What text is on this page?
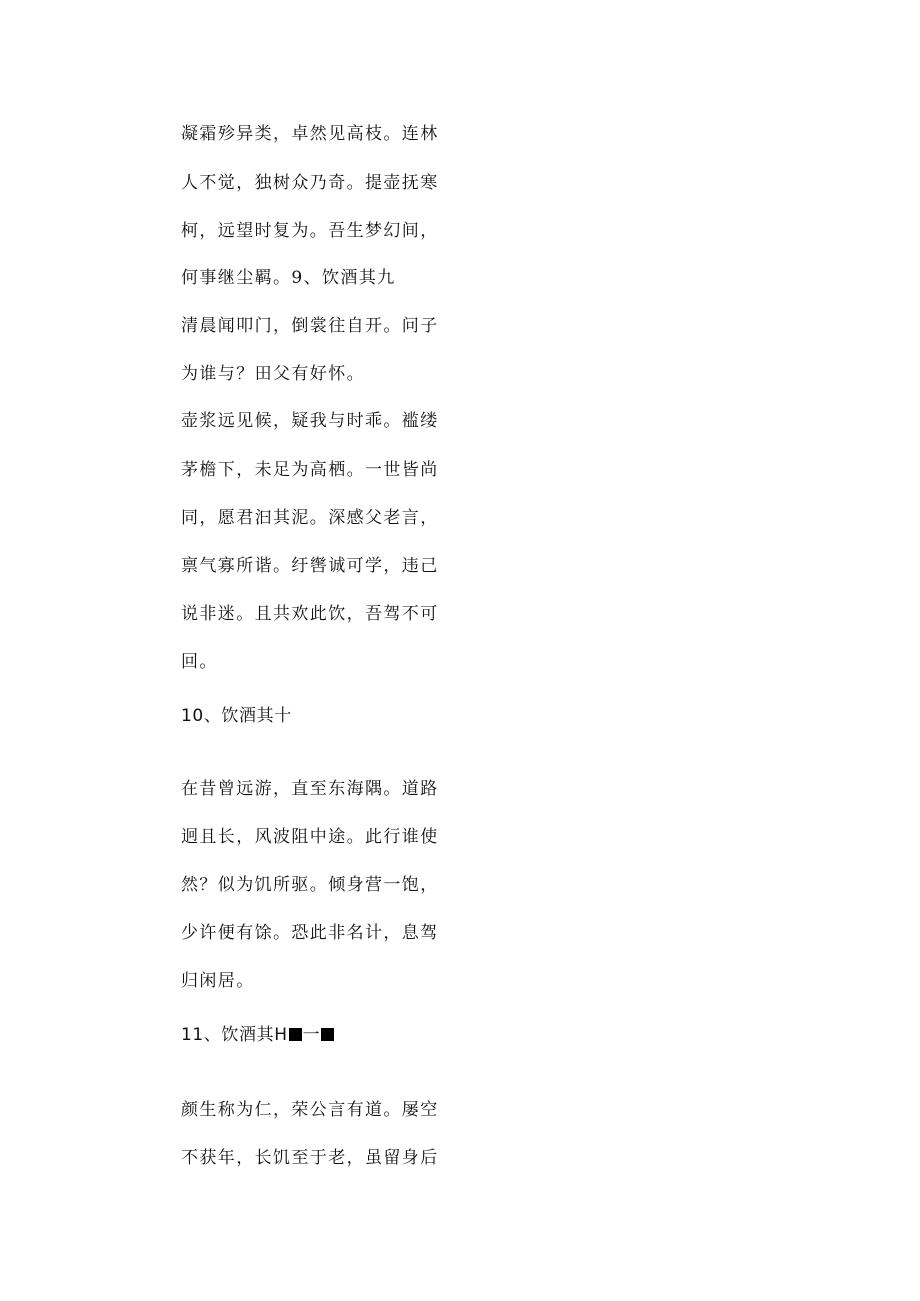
凝霜殄异类，卓然见高枝。连林
人不觉，独树众乃奇。提壶抚寒
柯，远望时复为。吾生梦幻间，
何事继尘羁。9、饮酒其九
清晨闻叩门，倒裳往自开。问子
为谁与？田父有好怀。
壶浆远见候，疑我与时乖。褴缕
茅檐下，未足为高栖。一世皆尚
同，愿君汩其泥。深感父老言，
禀气寡所谐。纡辔诚可学，违己
说非迷。且共欢此饮，吾驾不可
回。
10、饮酒其十
在昔曾远游，直至东海隅。道路
迥且长，风波阻中途。此行谁使
然？似为饥所驱。倾身营一饱，
少许便有馀。恐此非名计，息驾
归闲居。
11、饮酒其H 一
颜生称为仁，荣公言有道。屡空
不获年，长饥至于老，虽留身后
